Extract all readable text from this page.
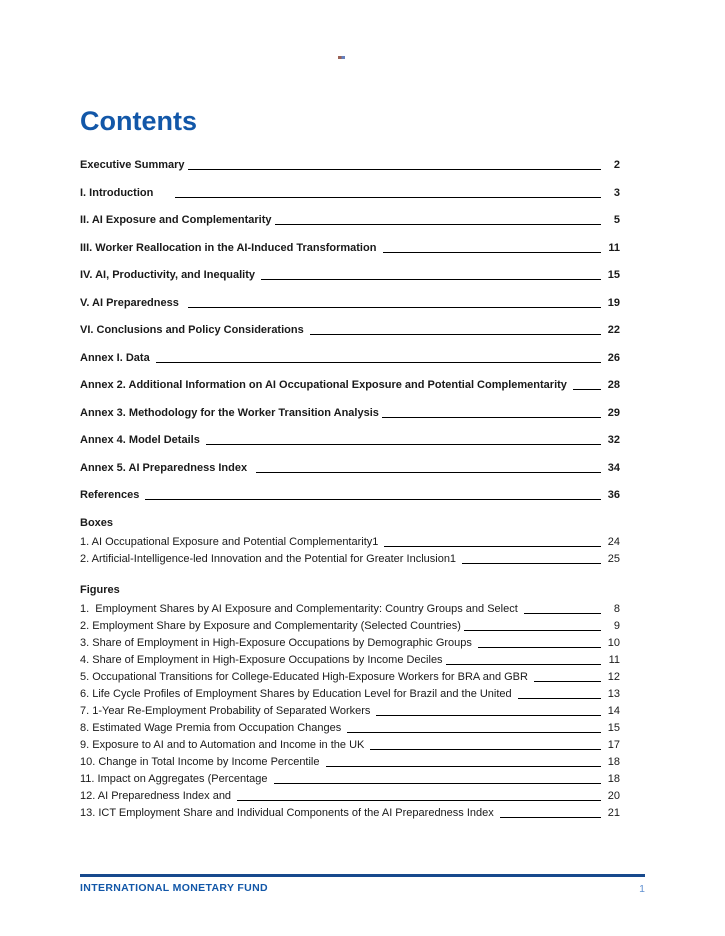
Contents
Executive Summary	2
I. Introduction	3
II. AI Exposure and Complementarity	5
III. Worker Reallocation in the AI-Induced Transformation	11
IV. AI, Productivity, and Inequality	15
V. AI Preparedness	19
VI. Conclusions and Policy Considerations	22
Annex I. Data	26
Annex 2. Additional Information on AI Occupational Exposure and Potential Complementarity	28
Annex 3. Methodology for the Worker Transition Analysis	29
Annex 4. Model Details	32
Annex 5. AI Preparedness Index	34
References	36
Boxes
1. AI Occupational Exposure and Potential Complementarity1	24
2. Artificial-Intelligence-led Innovation and the Potential for Greater Inclusion1	25
Figures
1.  Employment Shares by AI Exposure and Complementarity: Country Groups and Select	8
2. Employment Share by Exposure and Complementarity (Selected Countries)	9
3. Share of Employment in High-Exposure Occupations by Demographic Groups	10
4. Share of Employment in High-Exposure Occupations by Income Deciles	11
5. Occupational Transitions for College-Educated High-Exposure Workers for BRA and GBR	12
6. Life Cycle Profiles of Employment Shares by Education Level for Brazil and the United	13
7. 1-Year Re-Employment Probability of Separated Workers	14
8. Estimated Wage Premia from Occupation Changes	15
9. Exposure to AI and to Automation and Income in the UK	17
10. Change in Total Income by Income Percentile	18
11. Impact on Aggregates (Percentage	18
12. AI Preparedness Index and	20
13. ICT Employment Share and Individual Components of the AI Preparedness Index	21
INTERNATIONAL MONETARY FUND	1
